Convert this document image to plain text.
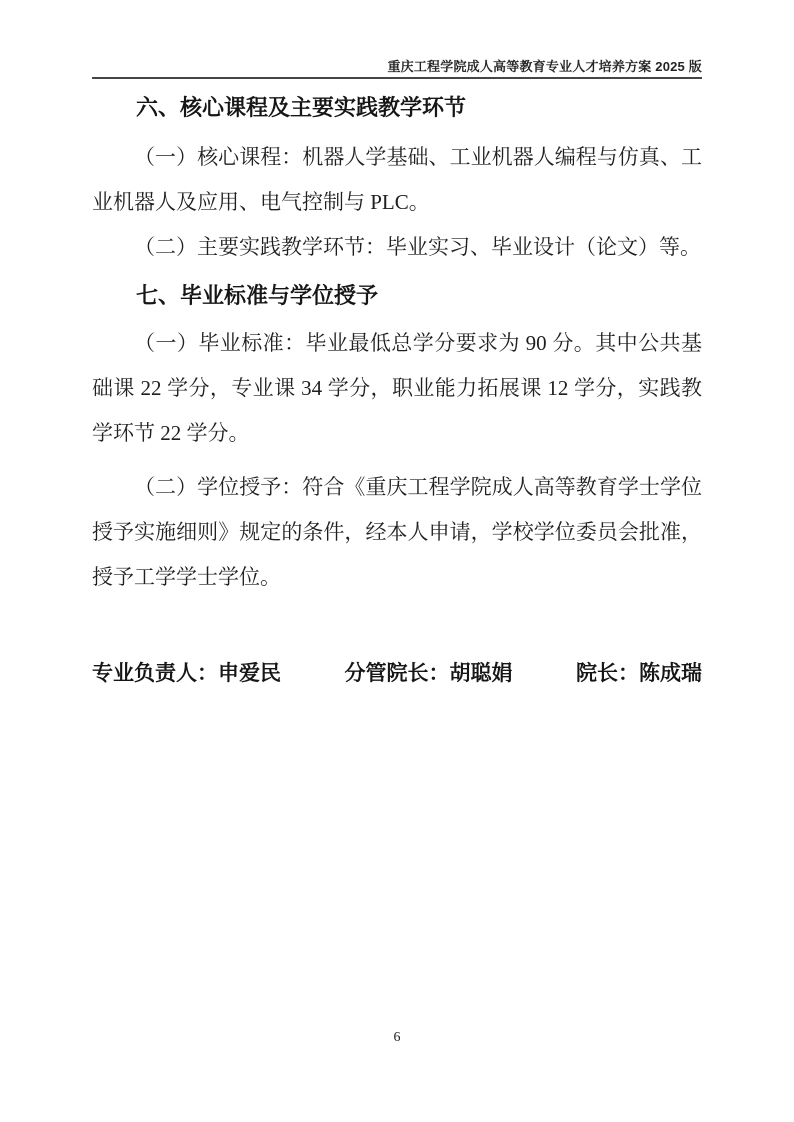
重庆工程学院成人高等教育专业人才培养方案 2025 版
六、核心课程及主要实践教学环节

（一）核心课程：机器人学基础、工业机器人编程与仿真、工业机器人及应用、电气控制与 PLC。

（二）主要实践教学环节：毕业实习、毕业设计（论文）等。

七、毕业标准与学位授予

（一）毕业标准：毕业最低总学分要求为 90 分。其中公共基础课 22 学分，专业课 34 学分，职业能力拓展课 12 学分，实践教学环节 22 学分。

（二）学位授予：符合《重庆工程学院成人高等教育学士学位授予实施细则》规定的条件，经本人申请，学校学位委员会批准，授予工学学士学位。

专业负责人：申爱民	分管院长：胡聪娟	院长：陈成瑞
6
